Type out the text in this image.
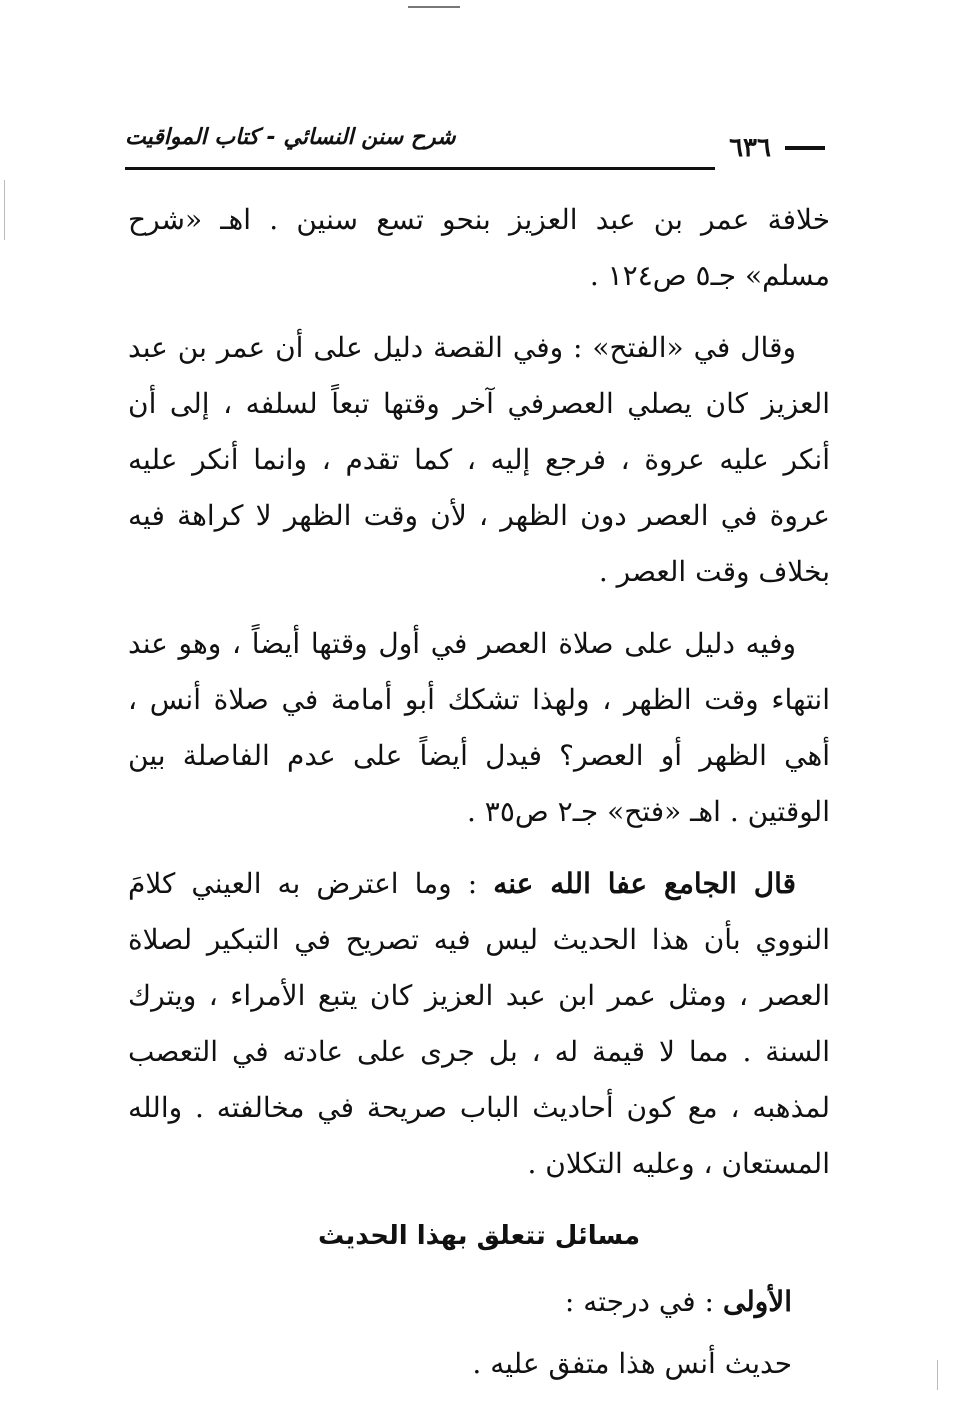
شرح سنن النسائي - كتاب المواقيت	٦٣٦

خلافة عمر بن عبد العزيز بنحو تسع سنين . اهـ «شرح مسلم» جـ٥ ص١٢٤ .

وقال في «الفتح» : وفي القصة دليل على أن عمر بن عبد العزيز كان يصلي العصرفي آخر وقتها تبعاً لسلفه ، إلى أن أنكر عليه عروة ، فرجع إليه ، كما تقدم ، وانما أنكر عليه عروة في العصر دون الظهر ، لأن وقت الظهر لا كراهة فيه بخلاف وقت العصر .

وفيه دليل على صلاة العصر في أول وقتها أيضاً ، وهو عند انتهاء وقت الظهر ، ولهذا تشكك أبو أمامة في صلاة أنس ، أهي الظهر أو العصر؟ فيدل أيضاً على عدم الفاصلة بين الوقتين . اهـ «فتح» جـ٢ ص٣٥ .

قال الجامع عفا الله عنه : وما اعترض به العيني كلامَ النووي بأن هذا الحديث ليس فيه تصريح في التبكير لصلاة العصر ، ومثل عمر ابن عبد العزيز كان يتبع الأمراء ، ويترك السنة . مما لا قيمة له ، بل جرى على عادته في التعصب لمذهبه ، مع كون أحاديث الباب صريحة في مخالفته . والله المستعان ، وعليه التكلان .

مسائل تتعلق بهذا الحديث

الأولى : في درجته :

حديث أنس هذا متفق عليه .
